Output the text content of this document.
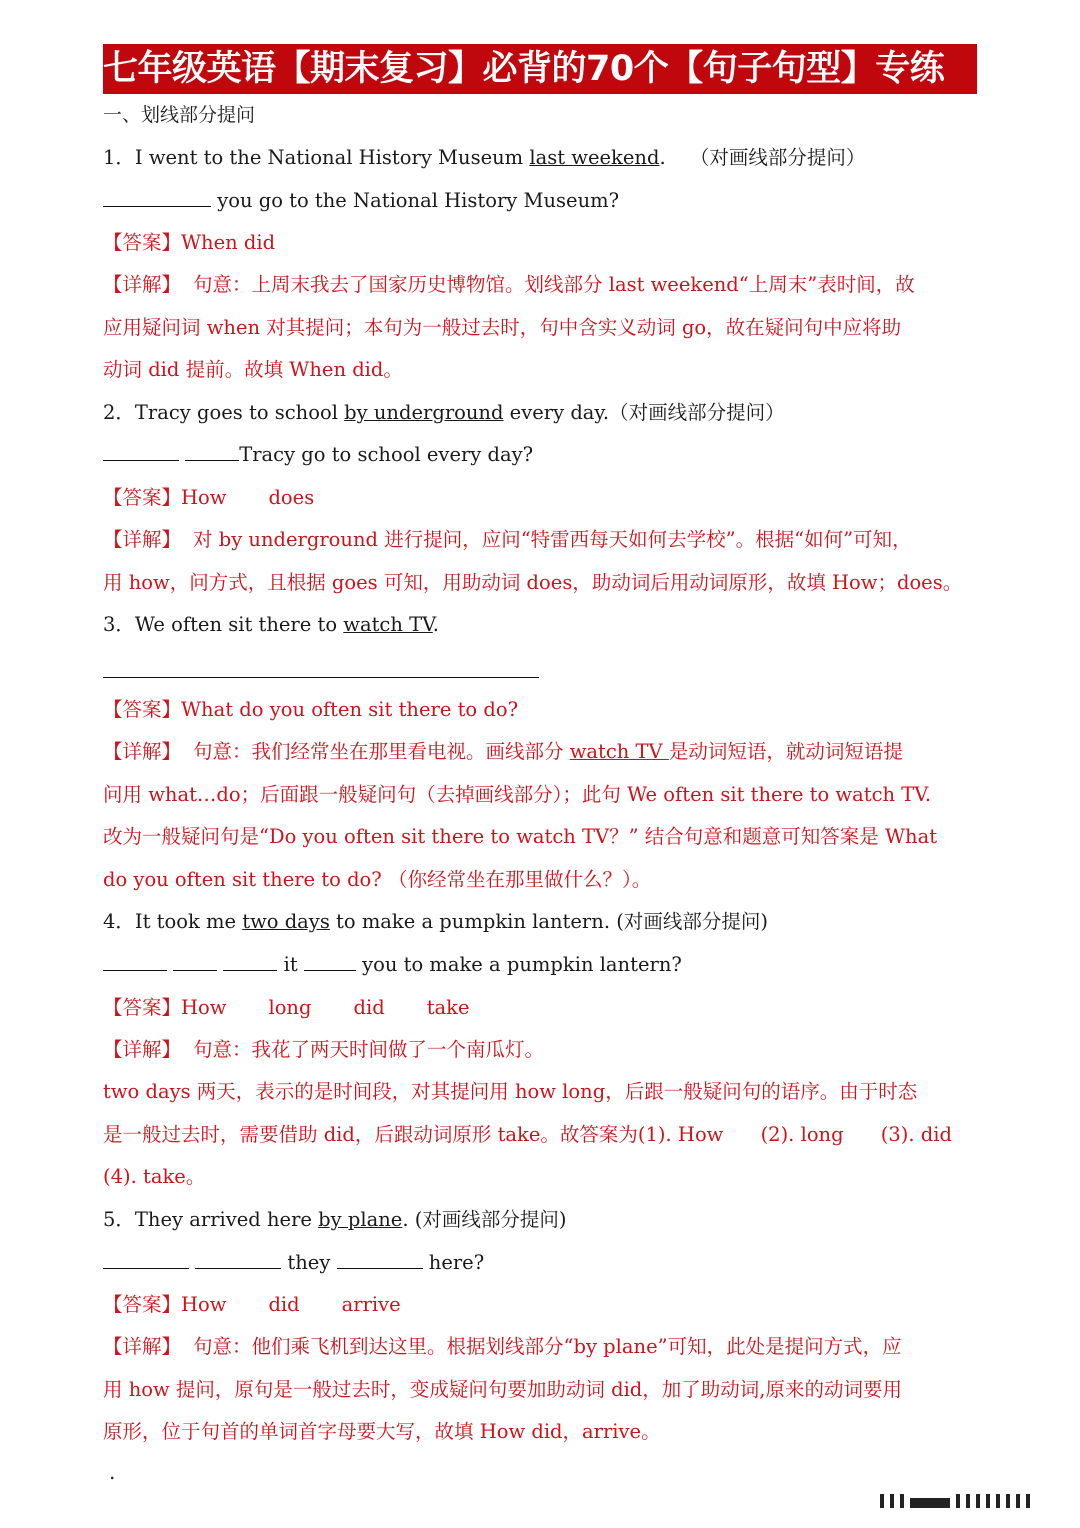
七年级英语【期末复习】必背的70个【句子句型】专练
一、划线部分提问
1．I went to the National History Museum last weekend. （对画线部分提问）
you go to the National History Museum?
【答案】When did
【详解】 句意：上周末我去了国家历史博物馆。划线部分 last weekend“上周末”表时间，故
应用疑问词 when 对其提问；本句为一般过去时，句中含实义动词 go，故在疑问句中应将助
动词 did 提前。故填 When did。
2．Tracy goes to school by underground every day.（对画线部分提问）
Tracy go to school every day?
【答案】How does
【详解】 对 by underground 进行提问，应问“特雷西每天如何去学校”。根据“如何”可知，
用 how，问方式，且根据 goes 可知，用助动词 does，助动词后用动词原形，故填 How；does。
3．We often sit there to watch TV.
【答案】What do you often sit there to do?
【详解】 句意：我们经常坐在那里看电视。画线部分 watch TV 是动词短语，就动词短语提
问用 what…do；后面跟一般疑问句（去掉画线部分）；此句 We often sit there to watch TV.
改为一般疑问句是“Do you often sit there to watch TV？” 结合句意和题意可知答案是 What
do you often sit there to do? （你经常坐在那里做什么？）。
4．It took me two days to make a pumpkin lantern. (对画线部分提问)
it	you to make a pumpkin lantern?
【答案】How long did take
【详解】 句意：我花了两天时间做了一个南瓜灯。
two days 两天，表示的是时间段，对其提问用 how long，后跟一般疑问句的语序。由于时态
是一般过去时，需要借助 did，后跟动词原形 take。故答案为(1). How      (2). long      (3). did
(4). take。
5．They arrived here by plane. (对画线部分提问)
they	here?
【答案】How did arrive
【详解】 句意：他们乘飞机到达这里。根据划线部分“by plane”可知，此处是提问方式，应
用 how 提问，原句是一般过去时，变成疑问句要加助动词 did，加了助动词,原来的动词要用
原形，位于句首的单词首字母要大写，故填 How did，arrive。
.
